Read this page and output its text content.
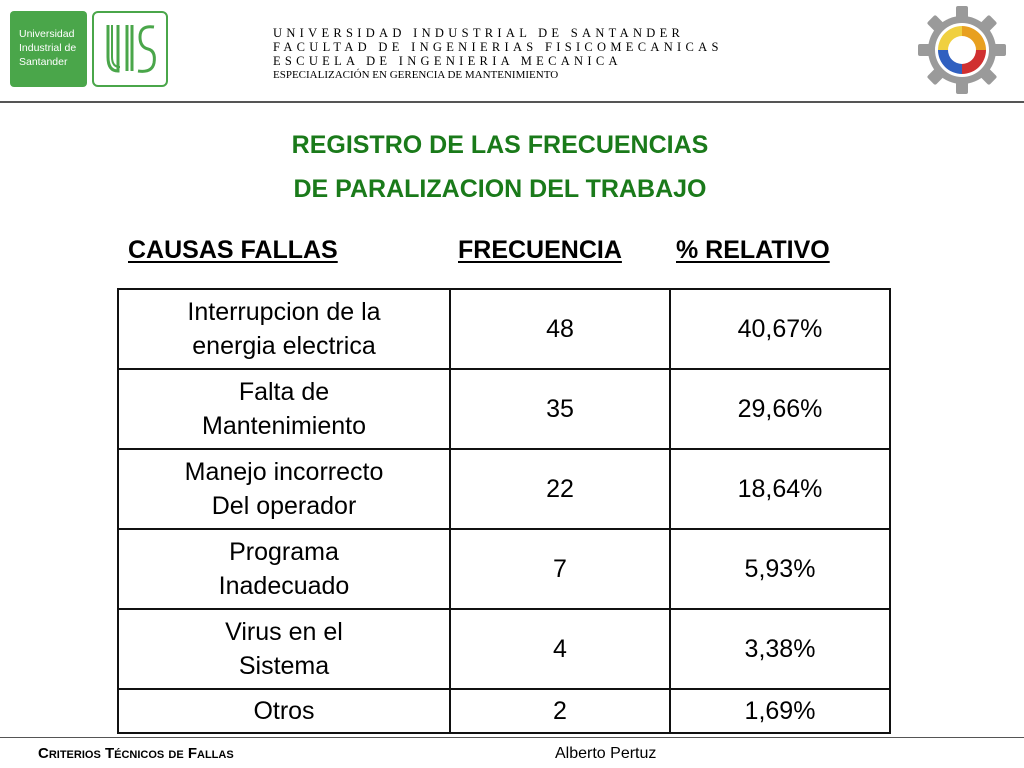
Universidad
Industrial de
Santander
UNIVERSIDAD INDUSTRIAL DE SANTANDER
FACULTAD DE INGENIERIAS FISICOMECANICAS
ESCUELA DE INGENIERIA MECANICA
ESPECIALIZACIÓN EN GERENCIA DE MANTENIMIENTO
REGISTRO DE LAS FRECUENCIAS
DE PARALIZACION DEL TRABAJO
CAUSAS FALLAS	FRECUENCIA % RELATIVO
Interrupcion de la
energia electrica	48	40,67%

Falta de
Mantenimiento	35	29,66%

Manejo incorrecto
Del operador	22	18,64%

Programa
Inadecuado	7	5,93%

Virus en el
Sistema	4	3,38%

Otros	2	1,69%
Criterios Técnicos de Fallas	Alberto Pertuz
